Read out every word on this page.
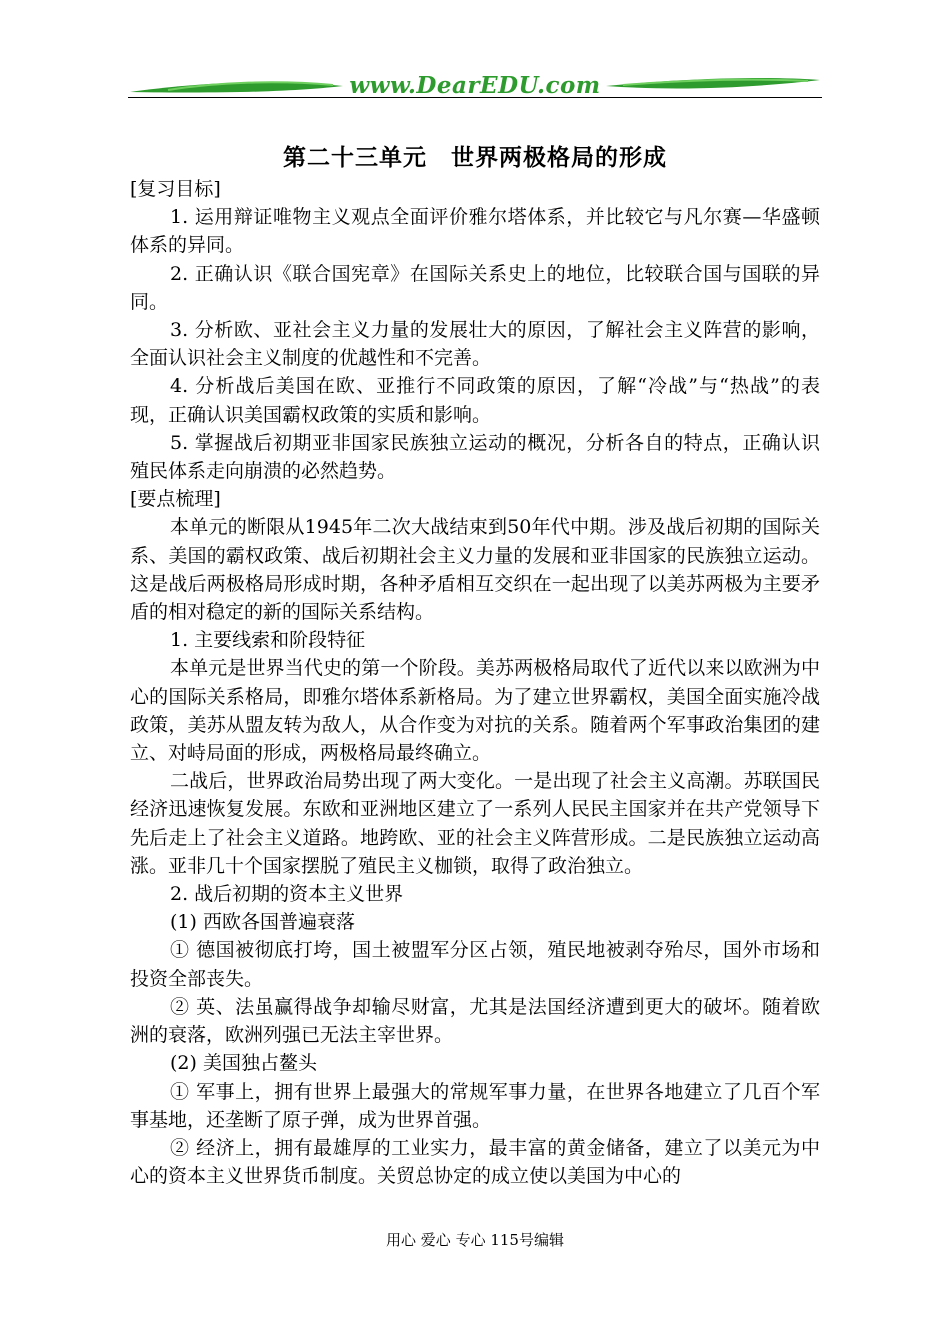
www.DearEDU.com
第二十三单元　世界两极格局的形成

[复习目标]

1. 运用辩证唯物主义观点全面评价雅尔塔体系，并比较它与凡尔赛—华盛顿体系的异同。

2. 正确认识《联合国宪章》在国际关系史上的地位，比较联合国与国联的异同。

3. 分析欧、亚社会主义力量的发展壮大的原因，了解社会主义阵营的影响，全面认识社会主义制度的优越性和不完善。

4. 分析战后美国在欧、亚推行不同政策的原因，了解“冷战”与“热战”的表现，正确认识美国霸权政策的实质和影响。

5. 掌握战后初期亚非国家民族独立运动的概况，分析各自的特点，正确认识殖民体系走向崩溃的必然趋势。

[要点梳理]

本单元的断限从1945年二次大战结束到50年代中期。涉及战后初期的国际关系、美国的霸权政策、战后初期社会主义力量的发展和亚非国家的民族独立运动。这是战后两极格局形成时期，各种矛盾相互交织在一起出现了以美苏两极为主要矛盾的相对稳定的新的国际关系结构。

1. 主要线索和阶段特征

本单元是世界当代史的第一个阶段。美苏两极格局取代了近代以来以欧洲为中心的国际关系格局，即雅尔塔体系新格局。为了建立世界霸权，美国全面实施冷战政策，美苏从盟友转为敌人，从合作变为对抗的关系。随着两个军事政治集团的建立、对峙局面的形成，两极格局最终确立。

二战后，世界政治局势出现了两大变化。一是出现了社会主义高潮。苏联国民经济迅速恢复发展。东欧和亚洲地区建立了一系列人民民主国家并在共产党领导下先后走上了社会主义道路。地跨欧、亚的社会主义阵营形成。二是民族独立运动高涨。亚非几十个国家摆脱了殖民主义枷锁，取得了政治独立。

2. 战后初期的资本主义世界

(1) 西欧各国普遍衰落

① 德国被彻底打垮，国土被盟军分区占领，殖民地被剥夺殆尽，国外市场和投资全部丧失。

② 英、法虽赢得战争却输尽财富，尤其是法国经济遭到更大的破坏。随着欧洲的衰落，欧洲列强已无法主宰世界。

(2) 美国独占鳌头

① 军事上，拥有世界上最强大的常规军事力量，在世界各地建立了几百个军事基地，还垄断了原子弹，成为世界首强。

② 经济上，拥有最雄厚的工业实力，最丰富的黄金储备，建立了以美元为中心的资本主义世界货币制度。关贸总协定的成立使以美国为中心的

用心 爱心 专心 115号编辑
